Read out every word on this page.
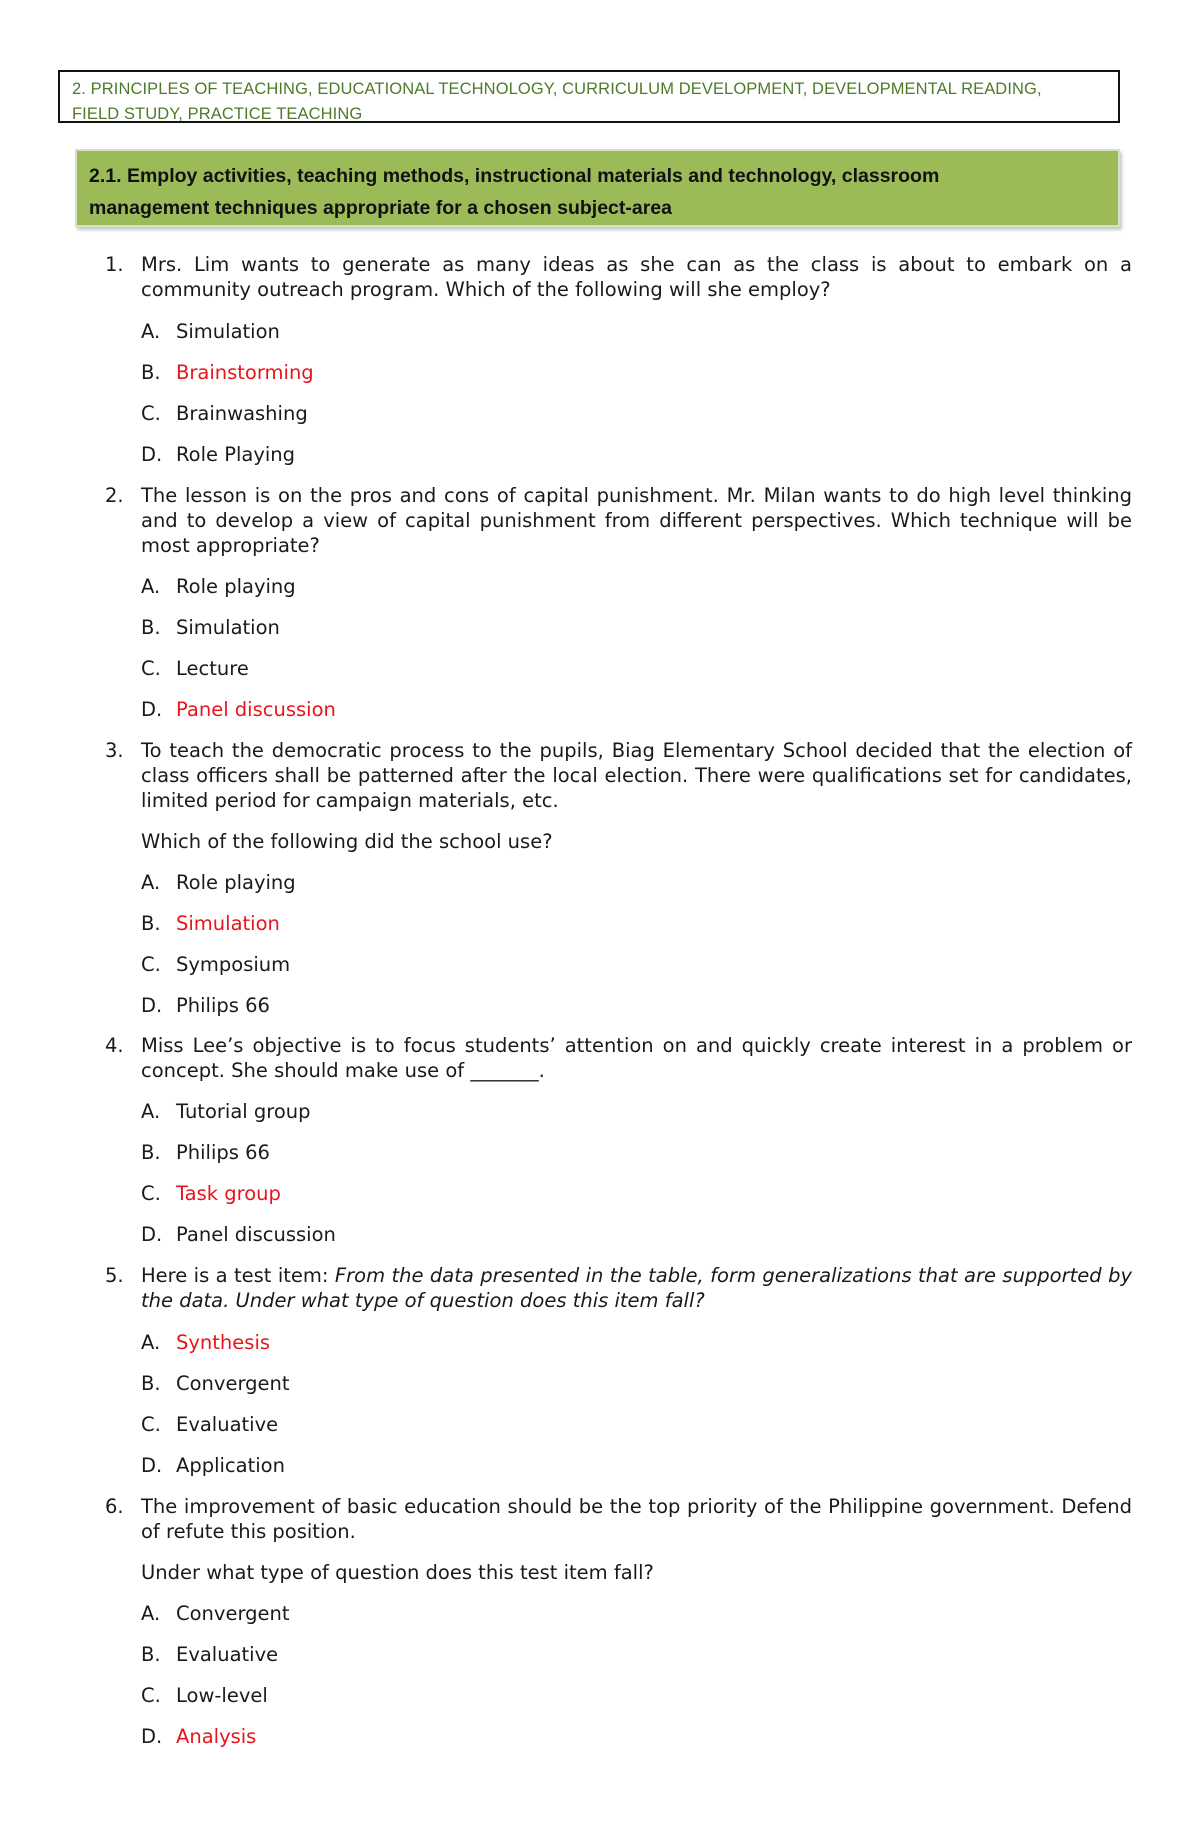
2. PRINCIPLES OF TEACHING, EDUCATIONAL TECHNOLOGY, CURRICULUM DEVELOPMENT, DEVELOPMENTAL READING,
FIELD STUDY, PRACTICE TEACHING
2.1. Employ activities, teaching methods, instructional materials and technology, classroom
management techniques appropriate for a chosen subject-area
1. Mrs. Lim wants to generate as many ideas as she can as the class is about to embark on a community outreach program. Which of the following will she employ?
A. Simulation
B. Brainstorming
C. Brainwashing
D. Role Playing
2. The lesson is on the pros and cons of capital punishment. Mr. Milan wants to do high level thinking and to develop a view of capital punishment from different perspectives. Which technique will be most appropriate?
A. Role playing
B. Simulation
C. Lecture
D. Panel discussion
3. To teach the democratic process to the pupils, Biag Elementary School decided that the election of class officers shall be patterned after the local election. There were qualifications set for candidates, limited period for campaign materials, etc.
Which of the following did the school use?
A. Role playing
B. Simulation
C. Symposium
D. Philips 66
4. Miss Lee’s objective is to focus students’ attention on and quickly create interest in a problem or concept. She should make use of _______.
A. Tutorial group
B. Philips 66
C. Task group
D. Panel discussion
5. Here is a test item: From the data presented in the table, form generalizations that are supported by the data. Under what type of question does this item fall?
A. Synthesis
B. Convergent
C. Evaluative
D. Application
6. The improvement of basic education should be the top priority of the Philippine government. Defend of refute this position.
Under what type of question does this test item fall?
A. Convergent
B. Evaluative
C. Low-level
D. Analysis
